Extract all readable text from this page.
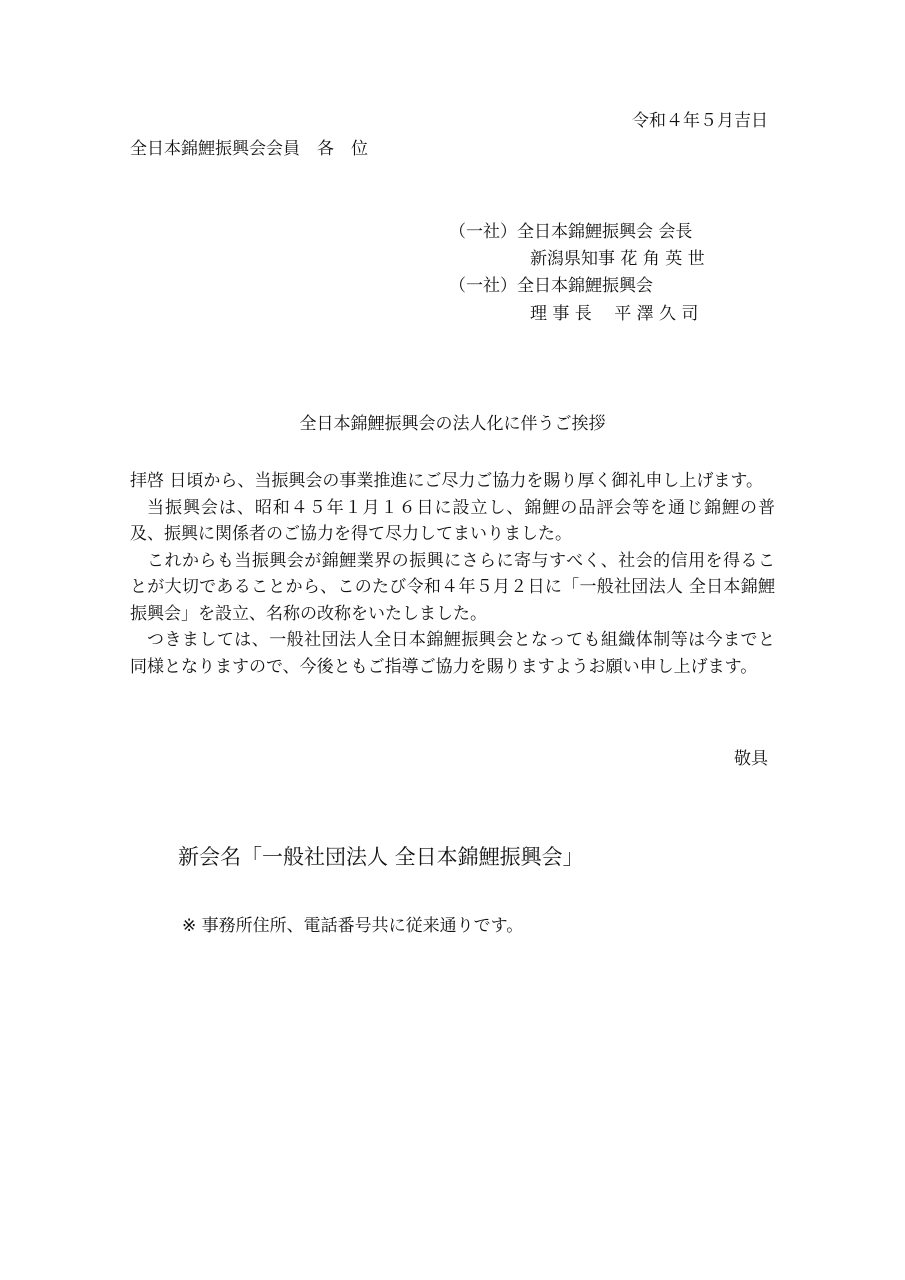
令和４年５月吉日
全日本錦鯉振興会会員　各　位
（一社）全日本錦鯉振興会 会長
新潟県知事 花 角 英 世
（一社）全日本錦鯉振興会
理 事 長　 平 澤 久 司
全日本錦鯉振興会の法人化に伴うご挨拶

拝啓 日頃から、当振興会の事業推進にご尽力ご協力を賜り厚く御礼申し上げます。

当振興会は、昭和４５年１月１６日に設立し、錦鯉の品評会等を通じ錦鯉の普及、振興に関係者のご協力を得て尽力してまいりました。

これからも当振興会が錦鯉業界の振興にさらに寄与すべく、社会的信用を得ることが大切であることから、このたび令和４年５月２日に「一般社団法人 全日本錦鯉振興会」を設立、名称の改称をいたしました。

つきましては、一般社団法人全日本錦鯉振興会となっても組織体制等は今までと同様となりますので、今後ともご指導ご協力を賜りますようお願い申し上げます。

敬具
新会名「一般社団法人 全日本錦鯉振興会」
※ 事務所住所、電話番号共に従来通りです。
